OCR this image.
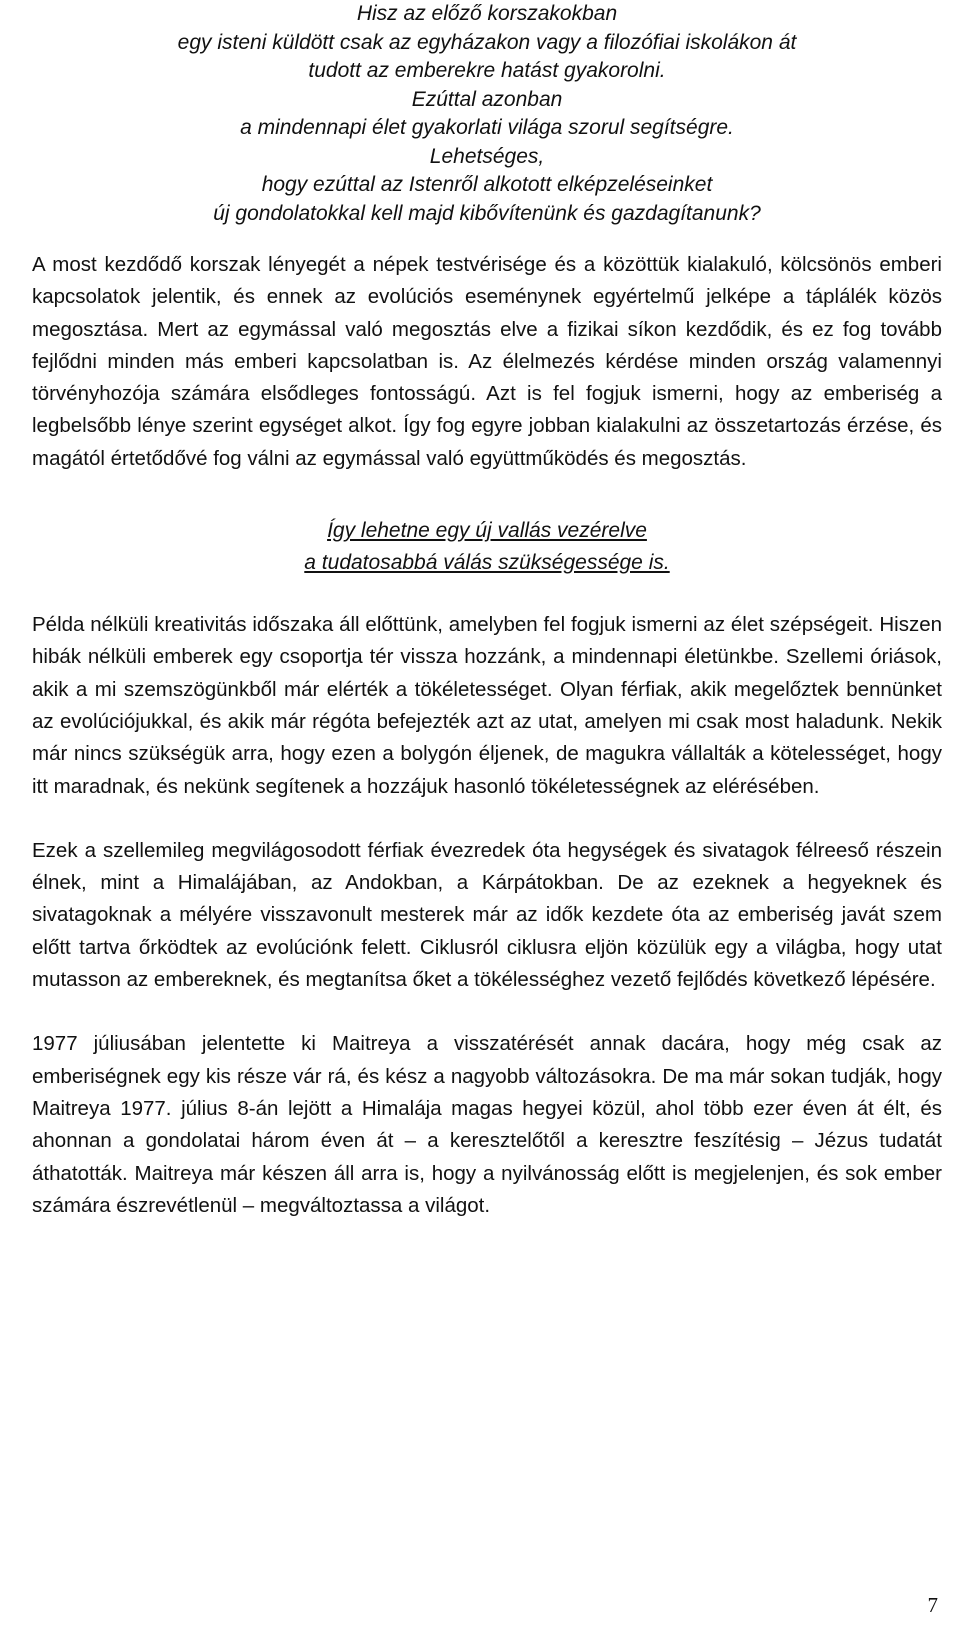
Hisz az előző korszakokban
egy isteni küldött csak az egyházakon vagy a filozófiai iskolákon át
tudott az emberekre hatást gyakorolni.
Ezúttal azonban
a mindennapi élet gyakorlati világa szorul segítségre.
Lehetséges,
hogy ezúttal az Istenről alkotott elképzeléseinket
új gondolatokkal kell majd kibővítenünk és gazdagítanunk?

A most kezdődő korszak lényegét a népek testvérisége és a közöttük kialakuló, kölcsönös emberi kapcsolatok jelentik, és ennek az evolúciós eseménynek egyértelmű jelképe a táplálék közös megosztása. Mert az egymással való megosztás elve a fizikai síkon kezdődik, és ez fog tovább fejlődni minden más emberi kapcsolatban is. Az élelmezés kérdése minden ország valamennyi törvényhozója számára elsődleges fontosságú. Azt is fel fogjuk ismerni, hogy az emberiség a legbelsőbb lénye szerint egységet alkot. Így fog egyre jobban kialakulni az összetartozás érzése, és magától értetődővé fog válni az egymással való együttműködés és megosztás.

Így lehetne egy új vallás vezérelve
a tudatosabbá válás szükségessége is.

Példa nélküli kreativitás időszaka áll előttünk, amelyben fel fogjuk ismerni az élet szépségeit. Hiszen hibák nélküli emberek egy csoportja tér vissza hozzánk, a mindennapi életünkbe. Szellemi óriások, akik a mi szemszögünkből már elérték a tökéletességet. Olyan férfiak, akik megelőztek bennünket az evolúciójukkal, és akik már régóta befejezték azt az utat, amelyen mi csak most haladunk. Nekik már nincs szükségük arra, hogy ezen a bolygón éljenek, de magukra vállalták a kötelességet, hogy itt maradnak, és nekünk segítenek a hozzájuk hasonló tökéletességnek az elérésében.

Ezek a szellemileg megvilágosodott férfiak évezredek óta hegységek és sivatagok félreeső részein élnek, mint a Himalájában, az Andokban, a Kárpátokban. De az ezeknek a hegyeknek és sivatagoknak a mélyére visszavonult mesterek már az idők kezdete óta az emberiség javát szem előtt tartva őrködtek az evolúciónk felett. Ciklusról ciklusra eljön közülük egy a világba, hogy utat mutasson az embereknek, és megtanítsa őket a tökélességhez vezető fejlődés következő lépésére.

1977 júliusában jelentette ki Maitreya a visszatérését annak dacára, hogy még csak az emberiségnek egy kis része vár rá, és kész a nagyobb változásokra. De ma már sokan tudják, hogy Maitreya 1977. július 8-án lejött a Himalája magas hegyei közül, ahol több ezer éven át élt, és ahonnan a gondolatai három éven át – a keresztelőtől a keresztre feszítésig – Jézus tudatát áthatották. Maitreya már készen áll arra is, hogy a nyilvánosság előtt is megjelenjen, és sok ember számára észrevétlenül – megváltoztassa a világot.

7
